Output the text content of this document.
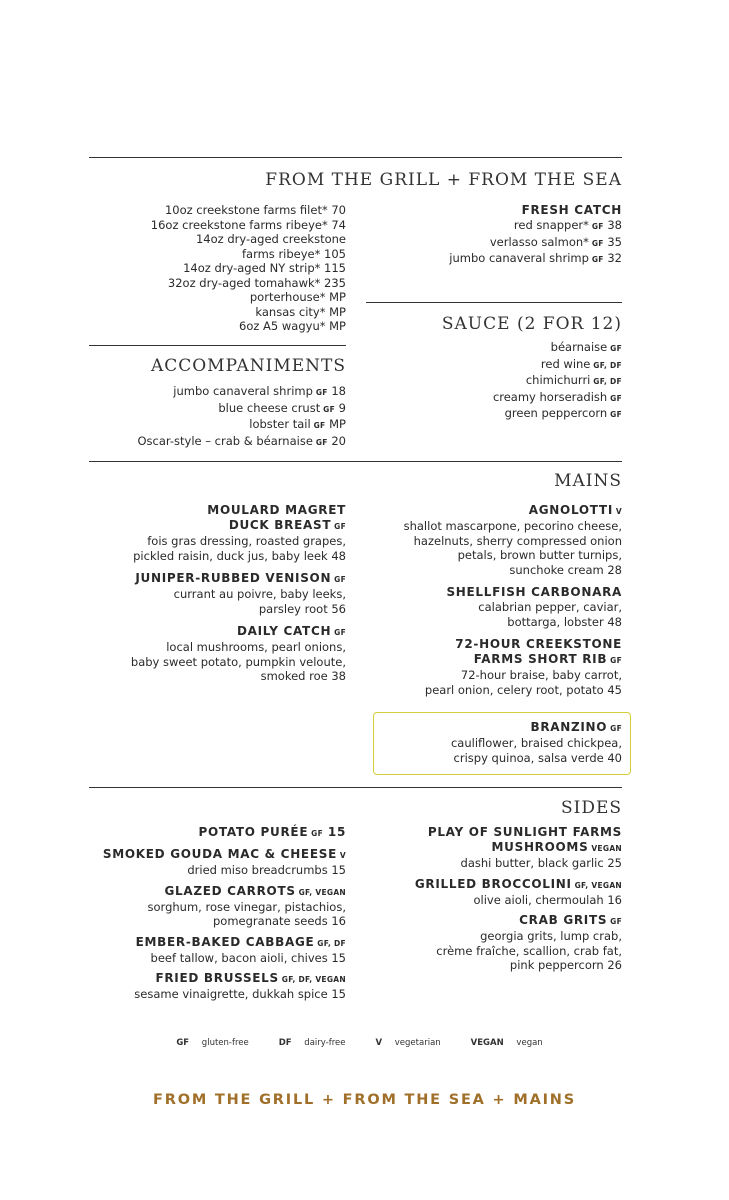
FROM THE GRILL + FROM THE SEA
10oz creekstone farms filet* 70
16oz creekstone farms ribeye* 74
14oz dry-aged creekstone
farms ribeye* 105
14oz dry-aged NY strip* 115
32oz dry-aged tomahawk* 235
porterhouse* MP
kansas city* MP
6oz A5 wagyu* MP
FRESH CATCH
red snapper* GF 38
verlasso salmon* GF 35
jumbo canaveral shrimp GF 32
ACCOMPANIMENTS
jumbo canaveral shrimp GF 18
blue cheese crust GF 9
lobster tail GF MP
Oscar-style – crab & béarnaise GF 20
SAUCE (2 FOR 12)
béarnaise GF
red wine GF, DF
chimichurri GF, DF
creamy horseradish GF
green peppercorn GF
MAINS
MOULARD MAGRET
DUCK BREAST GF
fois gras dressing, roasted grapes,
pickled raisin, duck jus, baby leek 48
JUNIPER-RUBBED VENISON GF
currant au poivre, baby leeks,
parsley root 56
DAILY CATCH GF
local mushrooms, pearl onions,
baby sweet potato, pumpkin veloute,
smoked roe 38
AGNOLOTTI V
shallot mascarpone, pecorino cheese,
hazelnuts, sherry compressed onion
petals, brown butter turnips,
sunchoke cream 28
SHELLFISH CARBONARA
calabrian pepper, caviar,
bottarga, lobster 48
72-HOUR CREEKSTONE
FARMS SHORT RIB GF
72-hour braise, baby carrot,
pearl onion, celery root, potato 45
BRANZINO GF
cauliflower, braised chickpea,
crispy quinoa, salsa verde 40
SIDES
POTATO PURÉE GF 15
SMOKED GOUDA MAC & CHEESE V
dried miso breadcrumbs 15
GLAZED CARROTS GF, VEGAN
sorghum, rose vinegar, pistachios,
pomegranate seeds 16
EMBER-BAKED CABBAGE GF, DF
beef tallow, bacon aioli, chives 15
FRIED BRUSSELS GF, DF, VEGAN
sesame vinaigrette, dukkah spice 15
PLAY OF SUNLIGHT FARMS
MUSHROOMS VEGAN
dashi butter, black garlic 25
GRILLED BROCCOLINI GF, VEGAN
olive aioli, chermoulah 16
CRAB GRITS GF
georgia grits, lump crab,
crème fraîche, scallion, crab fat,
pink peppercorn 26
GF gluten-free	DF dairy-free	V vegetarian	VEGAN vegan
FROM THE GRILL + FROM THE SEA + MAINS
